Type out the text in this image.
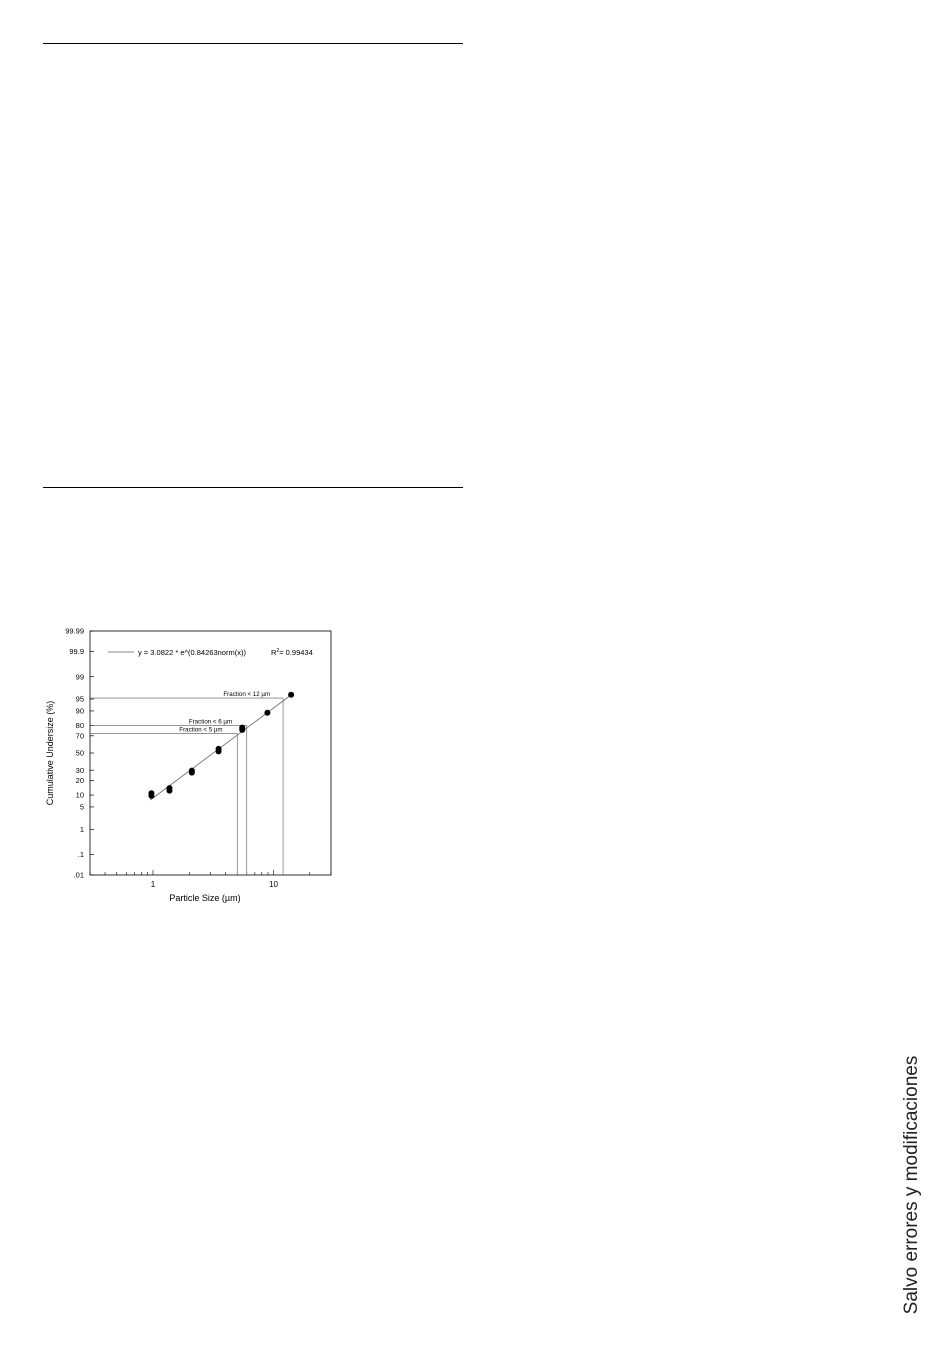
.01
.1
1
5
10
20
30
50
70
80
90
95
99
99.9
99.99
1	10
Fraction < 12 µm
Fraction < 6 µm
Fraction < 5 µm
y = 3.0822 * e^(0.84263norm(x))	$R^2= 0.99434$
Cumulative Undersize (%)
Particle Size (µm)
Salvo errores y modificaciones
